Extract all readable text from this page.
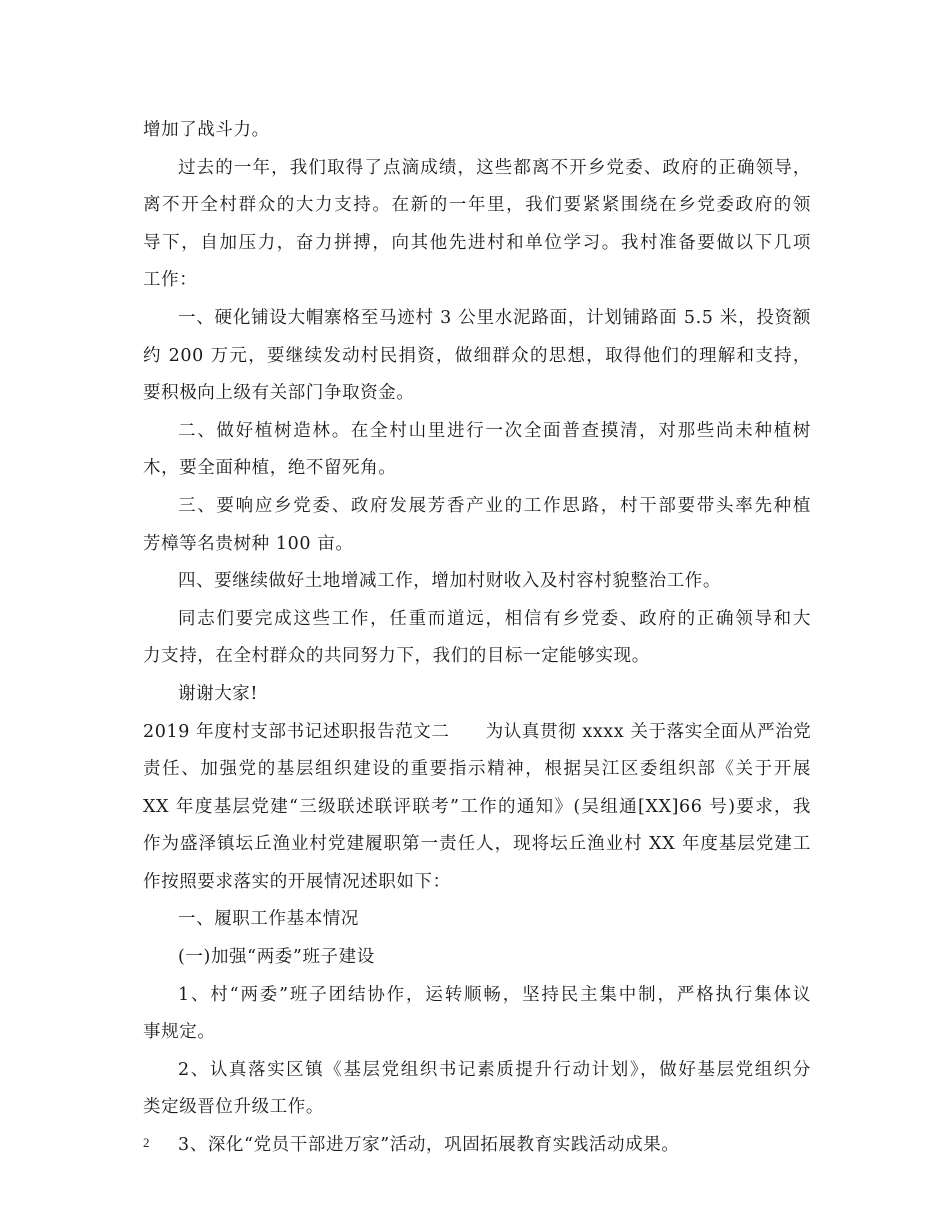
增加了战斗力。
过去的一年，我们取得了点滴成绩，这些都离不开乡党委、政府的正确领导，
离不开全村群众的大力支持。在新的一年里，我们要紧紧围绕在乡党委政府的领
导下，自加压力，奋力拼搏，向其他先进村和单位学习。我村准备要做以下几项
工作：
一、硬化铺设大帽寨格至马迹村 3 公里水泥路面，计划铺路面 5.5 米，投资额
约 200 万元，要继续发动村民捐资，做细群众的思想，取得他们的理解和支持，
要积极向上级有关部门争取资金。
二、做好植树造林。在全村山里进行一次全面普查摸清，对那些尚未种植树
木，要全面种植，绝不留死角。
三、要响应乡党委、政府发展芳香产业的工作思路，村干部要带头率先种植
芳樟等名贵树种 100 亩。
四、要继续做好土地增减工作，增加村财收入及村容村貌整治工作。
同志们要完成这些工作，任重而道远，相信有乡党委、政府的正确领导和大
力支持，在全村群众的共同努力下，我们的目标一定能够实现。
谢谢大家!
2019 年度村支部书记述职报告范文二　　为认真贯彻 xxxx 关于落实全面从严治党
责任、加强党的基层组织建设的重要指示精神，根据吴江区委组织部《关于开展
XX 年度基层党建“三级联述联评联考”工作的通知》(吴组通[XX]66 号)要求，我
作为盛泽镇坛丘渔业村党建履职第一责任人，现将坛丘渔业村 XX 年度基层党建工
作按照要求落实的开展情况述职如下：
一、履职工作基本情况
(一)加强“两委”班子建设
1、村“两委”班子团结协作，运转顺畅，坚持民主集中制，严格执行集体议
事规定。
2、认真落实区镇《基层党组织书记素质提升行动计划》，做好基层党组织分
类定级晋位升级工作。
3、深化“党员干部进万家”活动，巩固拓展教育实践活动成果。
2
